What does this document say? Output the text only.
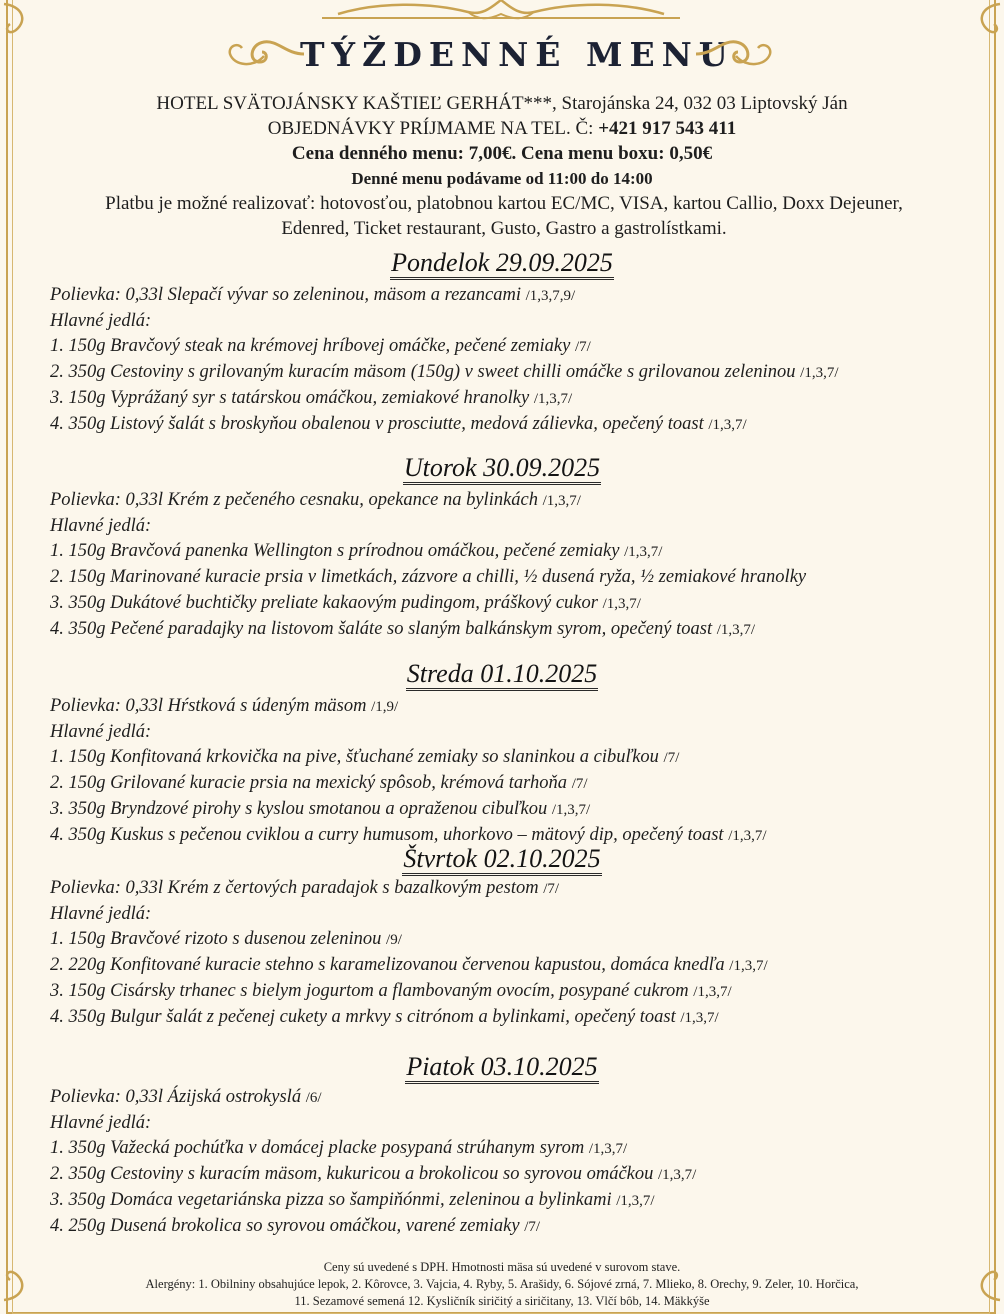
TÝŽDENNÉ MENU
HOTEL SVÄTOJÁNSKY KAŠTIEĽ GERHÁT***, Starojánska 24, 032 03 Liptovský Ján
OBJEDNÁVKY PRÍJMAME NA TEL. Č: +421 917 543 411
Cena denného menu: 7,00€. Cena menu boxu: 0,50€
Denné menu podávame od 11:00 do 14:00
Platbu je možné realizovať: hotovosťou, platobnou kartou EC/MC, VISA, kartou Callio, Doxx Dejeuner, Edenred, Ticket restaurant, Gusto, Gastro a gastrolístkami.
Pondelok 29.09.2025
Polievka: 0,33l Slepačí vývar so zeleninou, mäsom a rezancami /1,3,7,9/
Hlavné jedlá:
1. 150g Bravčový steak na krémovej hríbovej omáčke, pečené zemiaky /7/
2. 350g Cestoviny s grilovaným kuracím mäsom (150g) v sweet chilli omáčke s grilovanou zeleninou /1,3,7/
3. 150g Vyprážaný syr s tatárskou omáčkou, zemiakové hranolky /1,3,7/
4. 350g Listový šalát s broskyňou obalenou v prosciutte, medová zálievka, opečený toast /1,3,7/
Utorok 30.09.2025
Polievka: 0,33l Krém z pečeného cesnaku, opekance na bylinkách /1,3,7/
Hlavné jedlá:
1. 150g Bravčová panenka Wellington s prírodnou omáčkou, pečené zemiaky /1,3,7/
2. 150g Marinované kuracie prsia v limetkách, zázvore a chilli, ½ dusená ryža, ½ zemiakové hranolky
3. 350g Dukátové buchtičky preliate kakaovým pudingom, práškový cukor /1,3,7/
4. 350g Pečené paradajky na listovom šaláte so slaným balkánskym syrom, opečený toast /1,3,7/
Streda 01.10.2025
Polievka: 0,33l Hŕstková s údeným mäsom /1,9/
Hlavné jedlá:
1. 150g Konfitovaná krkovička na pive, šťuchané zemiaky so slaninkou a cibuľkou /7/
2. 150g Grilované kuracie prsia na mexický spôsob, krémová tarhoňa /7/
3. 350g Bryndzové pirohy s kyslou smotanou a opraženou cibuľkou /1,3,7/
4. 350g Kuskus s pečenou cviklou a curry humusom, uhorkovo – mätový dip, opečený toast /1,3,7/
Štvrtok 02.10.2025
Polievka: 0,33l Krém z čertových paradajok s bazalkovým pestom /7/
Hlavné jedlá:
1. 150g Bravčové rizoto s dusenou zeleninou /9/
2. 220g Konfitované kuracie stehno s karamelizovanou červenou kapustou, domáca knedľa /1,3,7/
3. 150g Cisársky trhanec s bielym jogurtom a flambovaným ovocím, posypané cukrom /1,3,7/
4. 350g Bulgur šalát z pečenej cukety a mrkvy s citrónom a bylinkami, opečený toast /1,3,7/
Piatok 03.10.2025
Polievka: 0,33l Ázijská ostrokyslá /6/
Hlavné jedlá:
1. 350g Važecká pochúťka v domácej placke posypaná strúhanym syrom /1,3,7/
2. 350g Cestoviny s kuracím mäsom, kukuricou a brokolicou so syrovou omáčkou /1,3,7/
3. 350g Domáca vegetariánska pizza so šampiňónmi, zeleninou a bylinkami /1,3,7/
4. 250g Dusená brokolica so syrovou omáčkou, varené zemiaky /7/
Ceny sú uvedené s DPH. Hmotnosti mäsa sú uvedené v surovom stave.
Alergény: 1. Obilniny obsahujúce lepok, 2. Kôrovce, 3. Vajcia, 4. Ryby, 5. Arašidy, 6. Sójové zrná, 7. Mlieko, 8. Orechy, 9. Zeler, 10. Horčica,
11. Sezamové semená 12. Kysličník siričitý a siričitany, 13. Vlčí bôb, 14. Mäkkýše
